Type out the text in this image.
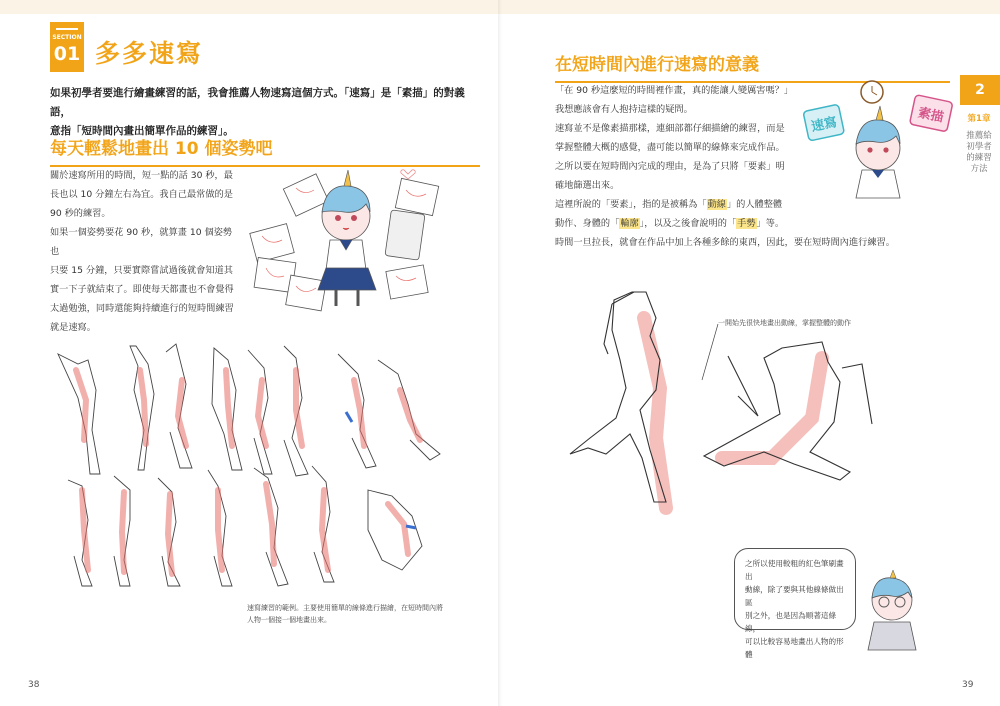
SECTION
01 多多速寫
如果初學者要進行繪畫練習的話，我會推薦人物速寫這個方式。「速寫」是「素描」的對義語，
意指「短時間內畫出簡單作品的練習」。
每天輕鬆地畫出 10 個姿勢吧
關於速寫所用的時間，短一點的話 30 秒，最
長也以 10 分鐘左右為宜。我自己最常做的是
90 秒的練習。
如果一個姿勢要花 90 秒，就算畫 10 個姿勢也
只要 15 分鐘，只要實際嘗試過後就會知道其
實一下子就結束了。即使每天都畫也不會覺得
太過勉強，同時還能夠持續進行的短時間練習
就是速寫。
速寫練習的範例。主要使用簡單的線條進行描繪，在短時間內將
人物一個接一個地畫出來。
38
在短時間內進行速寫的意義
「在 90 秒這麼短的時間裡作畫，真的能讓人變厲害嗎？」
我想應該會有人抱持這樣的疑問。
速寫並不是像素描那樣，連細部都仔細描繪的練習，而是
掌握整體大概的感覺，盡可能以簡單的線條來完成作品。
之所以要在短時間內完成的理由，是為了只將「要素」明
確地篩選出來。
這裡所說的「要素」，指的是被稱為「動線」的人體整體
動作、身體的「輪廓」，以及之後會說明的「手勢」等。
時間一旦拉長，就會在作品中加上各種多餘的東西，因此，要在短時間內進行練習。
速寫	素描
一開始先很快地畫出動線，掌握整體的動作
之所以使用較粗的紅色筆刷畫出
動線，除了要與其他線條做出區
別之外，也是因為順著這條線，
可以比較容易地畫出人物的形體
2
第1章
推薦給初學者的練習方法
39
